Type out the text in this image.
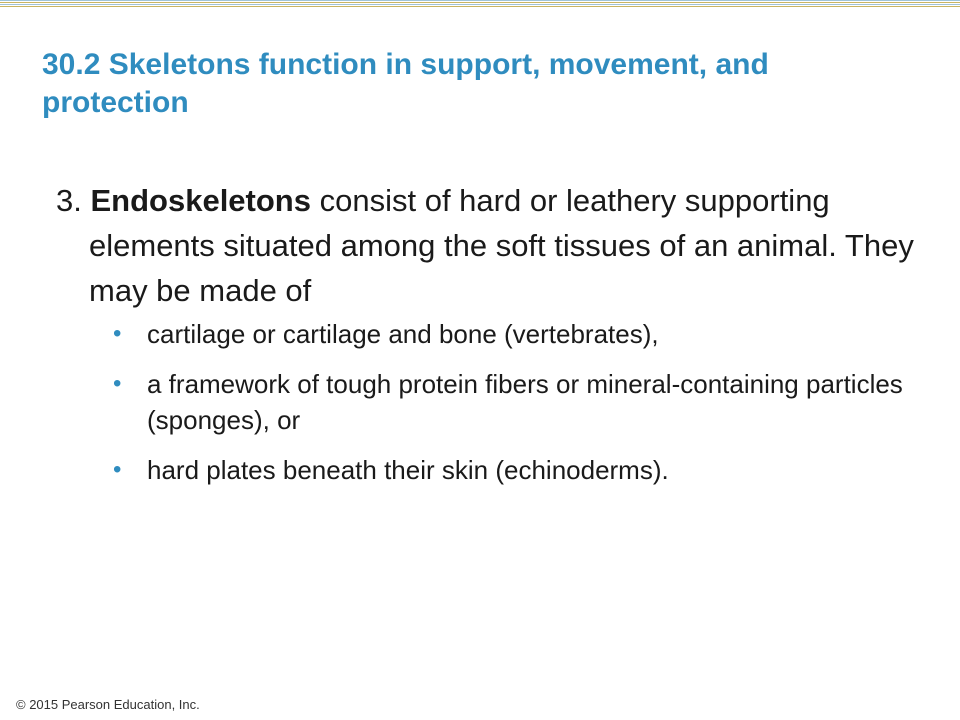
30.2 Skeletons function in support, movement, and protection
3. Endoskeletons consist of hard or leathery supporting elements situated among the soft tissues of an animal. They may be made of
• cartilage or cartilage and bone (vertebrates),
• a framework of tough protein fibers or mineral-containing particles (sponges), or
• hard plates beneath their skin (echinoderms).
© 2015 Pearson Education, Inc.
